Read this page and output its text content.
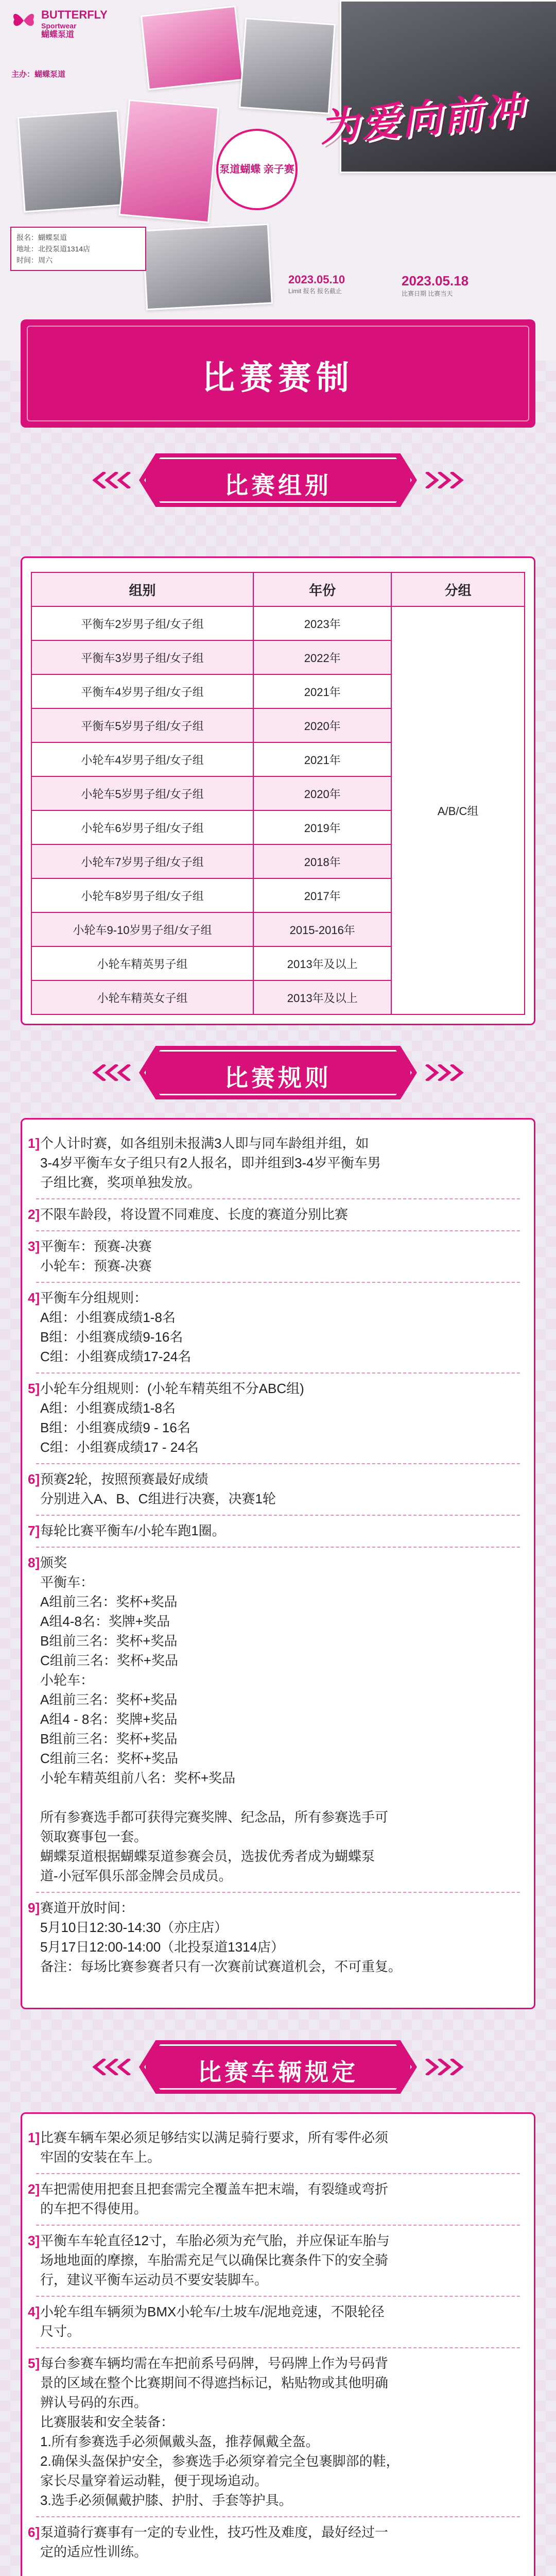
BUTTERFLY
Sportwear
蝴蝶泵道
主办：蝴蝶泵道
泵道蝴蝶 亲子赛
为爱向前冲
报名：蝴蝶泵道
地址：北投泵道1314店
时间：周六
2023.05.10
Limit 报名 报名截止
2023.05.18
比赛日期 比赛当天
比赛赛制
比赛组别
组别	年份	分组
平衡车2岁男子组/女子组	2023年	A/B/C组
平衡车3岁男子组/女子组	2022年	
平衡车4岁男子组/女子组	2021年	
平衡车5岁男子组/女子组	2020年	
小轮车4岁男子组/女子组	2021年	
小轮车5岁男子组/女子组	2020年	
小轮车6岁男子组/女子组	2019年	
小轮车7岁男子组/女子组	2018年	
小轮车8岁男子组/女子组	2017年	
小轮车9-10岁男子组/女子组	2015-2016年	
小轮车精英男子组	2013年及以上	
小轮车精英女子组	2013年及以上	
比赛规则
1] 个人计时赛，如各组别未报满3人即与同车龄组并组，如
3-4岁平衡车女子组只有2人报名，即并组到3-4岁平衡车男
子组比赛，奖项单独发放。
2] 不限车龄段，将设置不同难度、长度的赛道分别比赛
3] 平衡车：预赛-决赛
小轮车：预赛-决赛
4] 平衡车分组规则：
A组：小组赛成绩1-8名
B组：小组赛成绩9-16名
C组：小组赛成绩17-24名
5] 小轮车分组规则：(小轮车精英组不分ABC组)
A组：小组赛成绩1-8名
B组：小组赛成绩9 - 16名
C组：小组赛成绩17 - 24名
6] 预赛2轮，按照预赛最好成绩
分别进入A、B、C组进行决赛，决赛1轮
7] 每轮比赛平衡车/小轮车跑1圈。
8] 颁奖
平衡车：
A组前三名：奖杯+奖品
A组4-8名：奖牌+奖品
B组前三名：奖杯+奖品
C组前三名：奖杯+奖品
小轮车：
A组前三名：奖杯+奖品
A组4 - 8名：奖牌+奖品
B组前三名：奖杯+奖品
C组前三名：奖杯+奖品
小轮车精英组前八名：奖杯+奖品
所有参赛选手都可获得完赛奖牌、纪念品，所有参赛选手可
领取赛事包一套。
蝴蝶泵道根据蝴蝶泵道参赛会员，选拔优秀者成为蝴蝶泵
道-小冠军俱乐部金牌会员成员。
9] 赛道开放时间：
5月10日12:30-14:30（亦庄店）
5月17日12:00-14:00（北投泵道1314店）
备注：每场比赛参赛者只有一次赛前试赛道机会，不可重复。
比赛车辆规定
1] 比赛车辆车架必须足够结实以满足骑行要求，所有零件必须
牢固的安装在车上。
2] 车把需使用把套且把套需完全覆盖车把末端，有裂缝或弯折
的车把不得使用。
3] 平衡车车轮直径12寸，车胎必须为充气胎，并应保证车胎与
场地地面的摩擦，车胎需充足气以确保比赛条件下的安全骑
行，建议平衡车运动员不要安装脚车。
4] 小轮车组车辆须为BMX小轮车/土坡车/泥地竞速，不限轮径
尺寸。
5] 每台参赛车辆均需在车把前系号码牌，号码牌上作为号码背
景的区域在整个比赛期间不得遮挡标记，粘贴物或其他明确
辨认号码的东西。
比赛服装和安全装备：
1.所有参赛选手必须佩戴头盔，推荐佩戴全盔。
2.确保头盔保护安全，参赛选手必须穿着完全包裹脚部的鞋，
家长尽量穿着运动鞋，便于现场追动。
3.选手必须佩戴护膝、护肘、手套等护具。
6] 泵道骑行赛事有一定的专业性，技巧性及难度，最好经过一
定的适应性训练。
